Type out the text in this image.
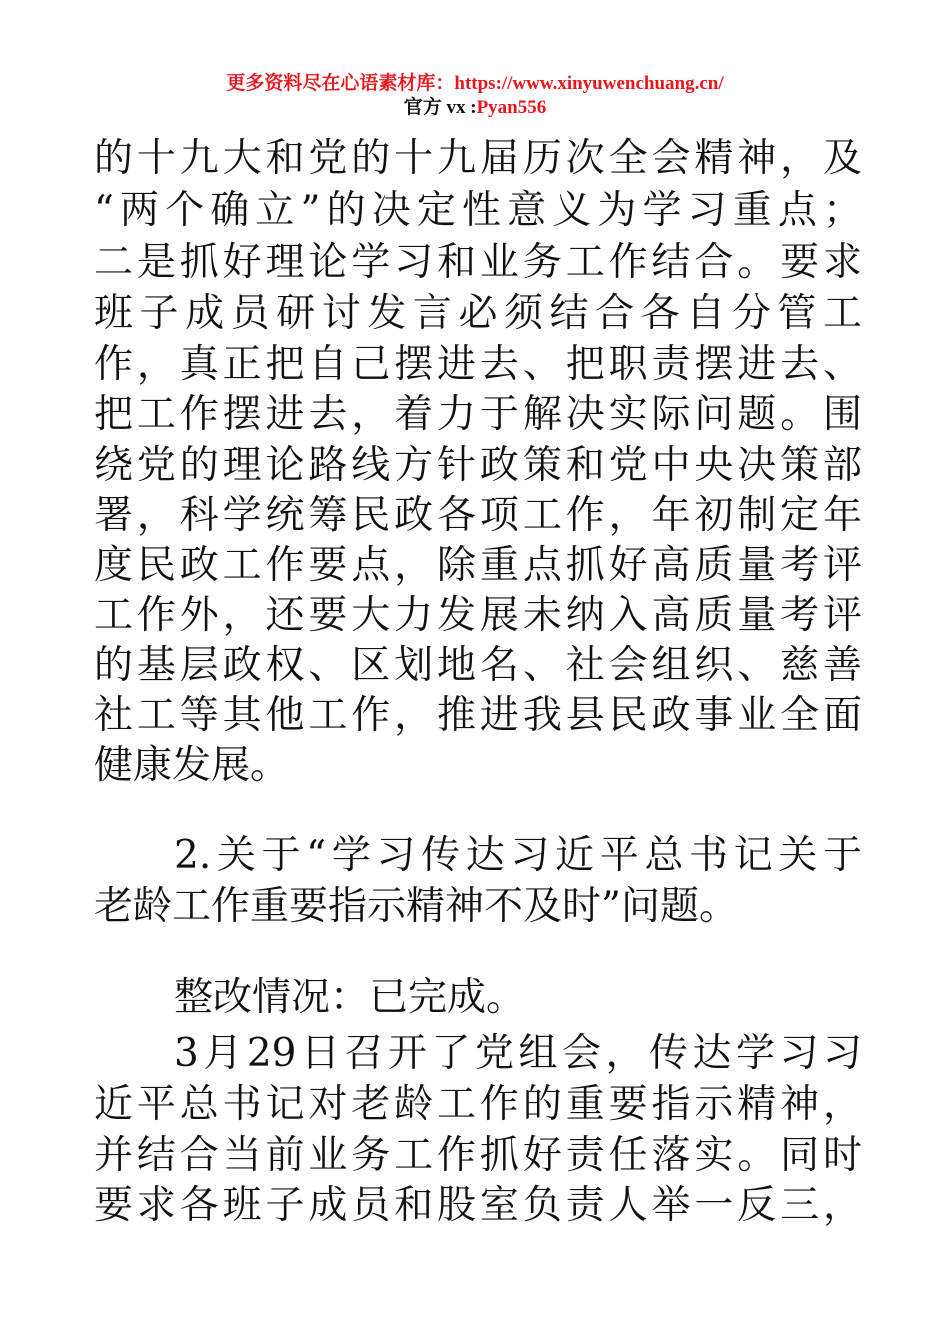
更多资料尽在心语素材库：https://www.xinyuwenchuang.cn/
官方 vx :Pyan556
的十九大和党的十九届历次全会精神，及
“两个确立”的决定性意义为学习重点；
二是抓好理论学习和业务工作结合。要求
班子成员研讨发言必须结合各自分管工
作，真正把自己摆进去、把职责摆进去、
把工作摆进去，着力于解决实际问题。围
绕党的理论路线方针政策和党中央决策部
署，科学统筹民政各项工作，年初制定年
度民政工作要点，除重点抓好高质量考评
工作外，还要大力发展未纳入高质量考评
的基层政权、区划地名、社会组织、慈善
社工等其他工作，推进我县民政事业全面
健康发展。
2.关于“学习传达习近平总书记关于
老龄工作重要指示精神不及时”问题。
整改情况：已完成。
3月29日召开了党组会，传达学习习
近平总书记对老龄工作的重要指示精神，
并结合当前业务工作抓好责任落实。同时
要求各班子成员和股室负责人举一反三，
